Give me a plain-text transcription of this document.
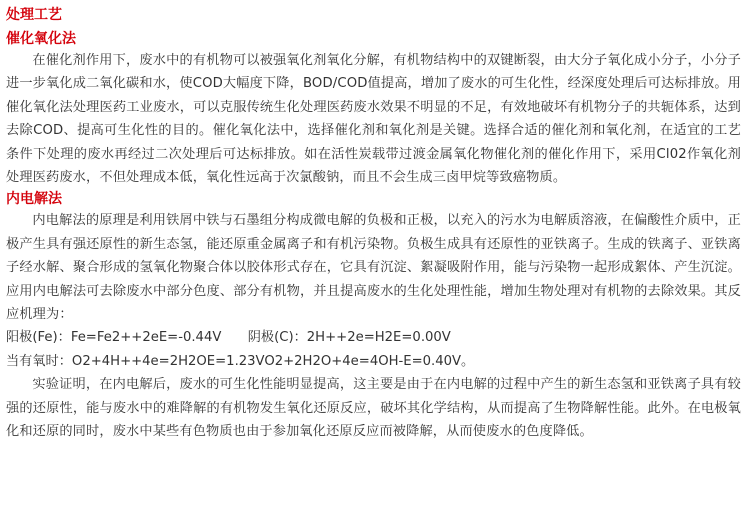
处理工艺
催化氧化法

在催化剂作用下，废水中的有机物可以被强氧化剂氧化分解，有机物结构中的双键断裂，由大分子氧化成小分子，小分子进一步氧化成二氧化碳和水，使COD大幅度下降，BOD/COD值提高，增加了废水的可生化性，经深度处理后可达标排放。用催化氧化法处理医药工业废水，可以克服传统生化处理医药废水效果不明显的不足，有效地破坏有机物分子的共轭体系，达到去除COD、提高可生化性的目的。催化氧化法中，选择催化剂和氧化剂是关键。选择合适的催化剂和氧化剂，在适宜的工艺条件下处理的废水再经过二次处理后可达标排放。如在活性炭载带过渡金属氧化物催化剂的催化作用下，采用Cl02作氧化剂处理医药废水，不但处理成本低，氧化性远高于次氯酸钠，而且不会生成三卤甲烷等致癌物质。

内电解法

内电解法的原理是利用铁屑中铁与石墨组分构成微电解的负极和正极，以充入的污水为电解质溶液，在偏酸性介质中，正极产生具有强还原性的新生态氢，能还原重金属离子和有机污染物。负极生成具有还原性的亚铁离子。生成的铁离子、亚铁离子经水解、聚合形成的氢氧化物聚合体以胶体形式存在，它具有沉淀、絮凝吸附作用，能与污染物一起形成絮体、产生沉淀。应用内电解法可去除废水中部分色度、部分有机物，并且提高废水的生化处理性能，增加生物处理对有机物的去除效果。其反应机理为：

阳极(Fe)：Fe=Fe2++2eE=-0.44V　　阴极(C)：2H++2e=H2E=0.00V
当有氧时：O2+4H++4e=2H2OE=1.23VO2+2H2O+4e=4OH-E=0.40V。

实验证明，在内电解后，废水的可生化性能明显提高，这主要是由于在内电解的过程中产生的新生态氢和亚铁离子具有较强的还原性，能与废水中的难降解的有机物发生氧化还原反应，破坏其化学结构，从而提高了生物降解性能。此外。在电极氧化和还原的同时，废水中某些有色物质也由于参加氧化还原反应而被降解，从而使废水的色度降低。
